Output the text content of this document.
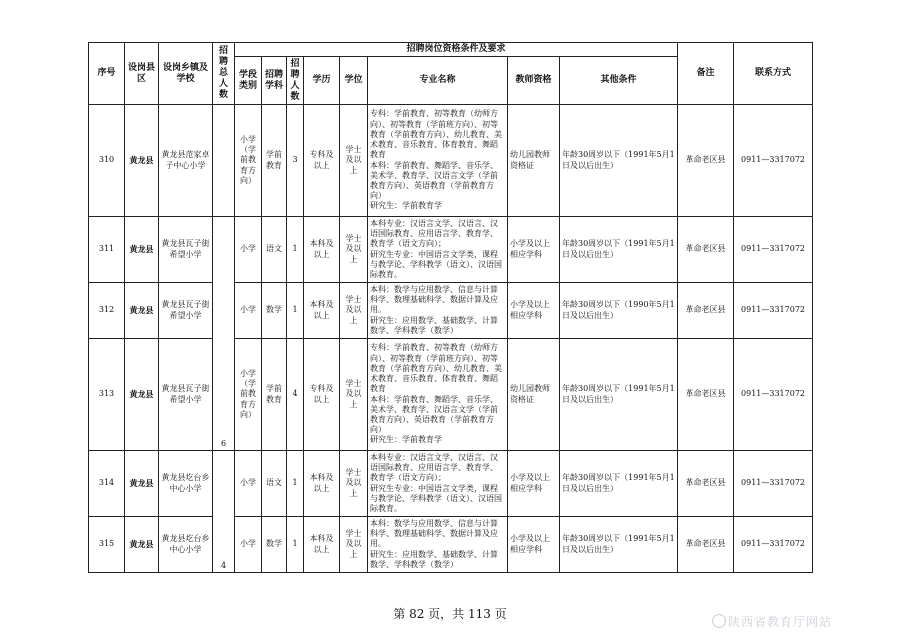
序号	设岗县区	设岗乡镇及学校	招聘总人数	招聘岗位资格条件及要求								备注	联系方式
				学段类别	招聘学科	招聘人数	学历	学位	专业名称	教师资格	其他条件		
310	黄龙县	黄龙县范家卓子中心小学		小学（学前教育方向）	学前教育	3	专科及以上	学士及以上	专科：学前教育、初等教育（幼师方向）、初等教育（学前班方向）、初等教育（学前教育方向）、幼儿教育、美术教育、音乐教育、体育教育、舞蹈教育
本科：学前教育、舞蹈学、音乐学、美术学、教育学、汉语言文学（学前教育方向）、英语教育（学前教育方向）
研究生：学前教育学	幼儿园教师资格证	年龄30周岁以下（1991年5月1日及以后出生）	革命老区县	0911—3317072
311	黄龙县	黄龙县瓦子街希望小学	6	小学	语文	1	本科及以上	学士及以上	本科专业：汉语言文学、汉语言、汉语国际教育、应用语言学、教育学、教育学（语文方向）；
研究生专业：中国语言文学类，课程与教学论、学科教学（语文）、汉语国际教育。	小学及以上相应学科	年龄30周岁以下（1991年5月1日及以后出生）	革命老区县	0911—3317072
312	黄龙县	黄龙县瓦子街希望小学		小学	数学	1	本科及以上	学士及以上	本科：数学与应用数学、信息与计算科学、数理基础科学、数据计算及应用。
研究生：应用数学、基础数学、计算数学、学科教学（数学）	小学及以上相应学科	年龄30周岁以下（1990年5月1日及以后出生）	革命老区县	0911—3317072
313	黄龙县	黄龙县瓦子街希望小学		小学（学前教育方向）	学前教育	4	专科及以上	学士及以上	专科：学前教育、初等教育（幼师方向）、初等教育（学前班方向）、初等教育（学前教育方向）、幼儿教育、美术教育、音乐教育、体育教育、舞蹈教育
本科：学前教育、舞蹈学、音乐学、美术学、教育学、汉语言文学（学前教育方向）、英语教育（学前教育方向）
研究生：学前教育学	幼儿园教师资格证	年龄30周岁以下（1991年5月1日及以后出生）	革命老区县	0911—3317072
314	黄龙县	黄龙县圪台乡中心小学	4	小学	语文	1	本科及以上	学士及以上	本科专业：汉语言文学、汉语言、汉语国际教育、应用语言学、教育学、教育学（语文方向）；
研究生专业：中国语言文学类，课程与教学论、学科教学（语文）、汉语国际教育。	小学及以上相应学科	年龄30周岁以下（1991年5月1日及以后出生）	革命老区县	0911—3317072
315	黄龙县	黄龙县圪台乡中心小学		小学	数学	1	本科及以上	学士及以上	本科：数学与应用数学、信息与计算科学、数理基础科学、数据计算及应用。
研究生：应用数学、基础数学、计算数学、学科教学（数学）	小学及以上相应学科	年龄30周岁以下（1991年5月1日及以后出生）	革命老区县	0911—3317072
第 82 页，共 113 页
陕西省教育厅网站
